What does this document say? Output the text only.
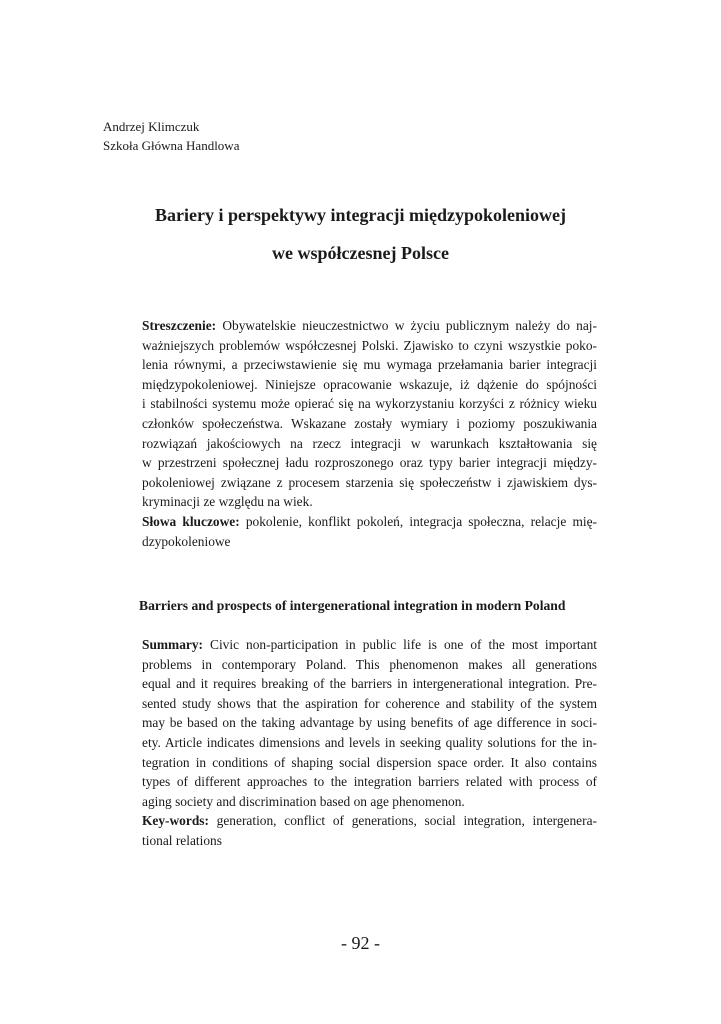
Andrzej Klimczuk
Szkoła Główna Handlowa
Bariery i perspektywy integracji międzypokoleniowej
we współczesnej Polsce
Streszczenie: Obywatelskie nieuczestnictwo w życiu publicznym należy do naj-
ważniejszych problemów współczesnej Polski. Zjawisko to czyni wszystkie poko-
lenia równymi, a przeciwstawienie się mu wymaga przełamania barier integracji
międzypokoleniowej. Niniejsze opracowanie wskazuje, iż dążenie do spójności
i stabilności systemu może opierać się na wykorzystaniu korzyści z różnicy wieku
członków społeczeństwa. Wskazane zostały wymiary i poziomy poszukiwania
rozwiązań jakościowych na rzecz integracji w warunkach kształtowania się
w przestrzeni społecznej ładu rozproszonego oraz typy barier integracji między-
pokoleniowej związane z procesem starzenia się społeczeństw i zjawiskiem dys-
kryminacji ze względu na wiek.
Słowa kluczowe: pokolenie, konflikt pokoleń, integracja społeczna, relacje mię-
dzypokoleniowe
Barriers and prospects of intergenerational integration in modern Poland
Summary: Civic non-participation in public life is one of the most important
problems in contemporary Poland. This phenomenon makes all generations
equal and it requires breaking of the barriers in intergenerational integration. Pre-
sented study shows that the aspiration for coherence and stability of the system
may be based on the taking advantage by using benefits of age difference in soci-
ety. Article indicates dimensions and levels in seeking quality solutions for the in-
tegration in conditions of shaping social dispersion space order. It also contains
types of different approaches to the integration barriers related with process of
aging society and discrimination based on age phenomenon.
Key-words: generation, conflict of generations, social integration, intergenera-
tional relations
- 92 -
